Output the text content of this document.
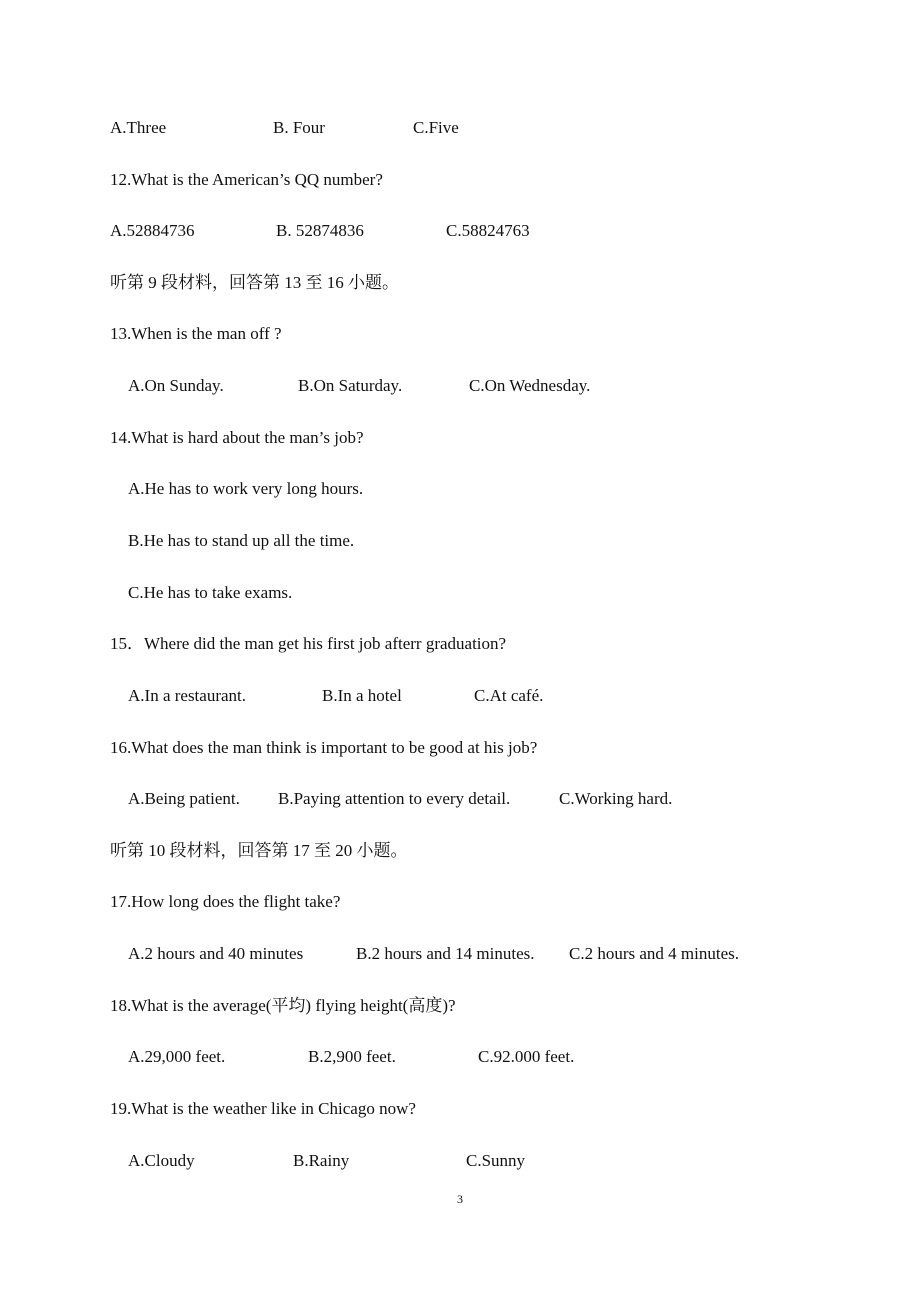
A.Three	B. Four	C.Five
12.What is the American’s QQ number?
A.52884736	B. 52874836	C.58824763
听第 9 段材料，回答第 13 至 16 小题。
13.When is the man off ?
A.On Sunday.	B.On Saturday.	C.On Wednesday.
14.What is hard about the man’s job?
A.He has to work very long hours.
B.He has to stand up all the time.
C.He has to take exams.
15．Where did the man get his first job afterr graduation?
A.In a restaurant.	B.In a hotel	C.At café.
16.What does the man think is important to be good at his job?
A.Being patient. B.Paying attention to every detail.	C.Working hard.
听第 10 段材料，回答第 17 至 20 小题。
17.How long does the flight take?
A.2 hours and 40 minutes	B.2 hours and 14 minutes. C.2 hours and 4 minutes.
18.What is the average(平均) flying height(高度)?
A.29,000 feet.	B.2,900 feet.	C.92.000 feet.
19.What is the weather like in Chicago now?
A.Cloudy	B.Rainy	C.Sunny
3
